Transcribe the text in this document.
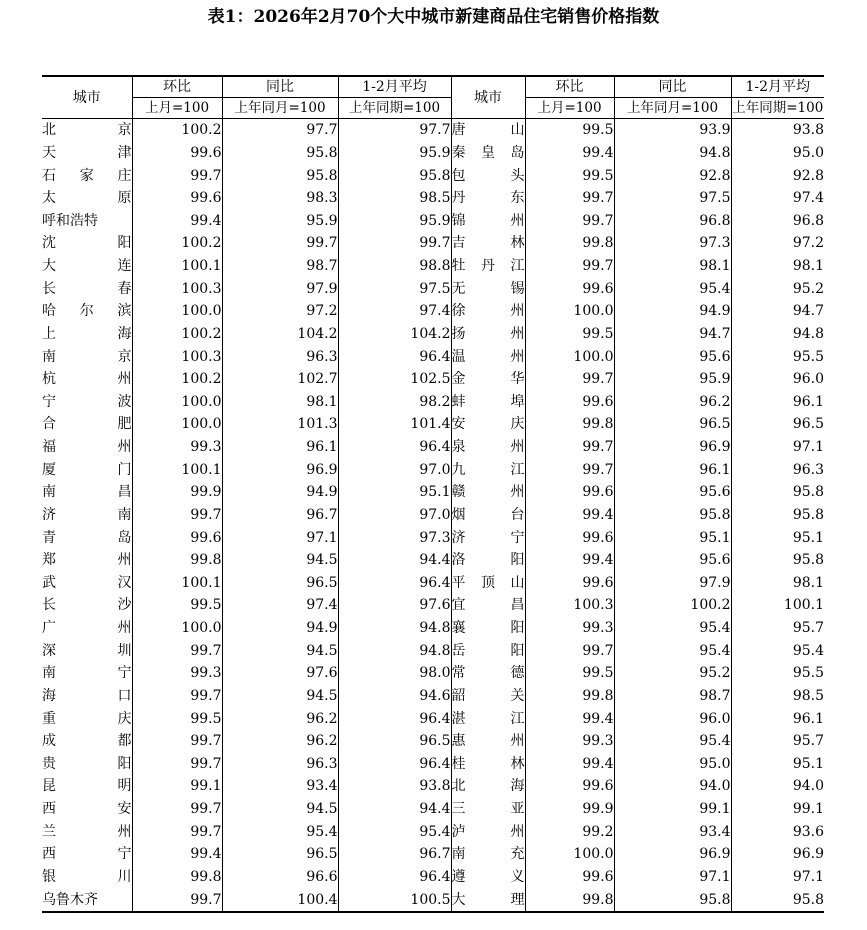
表1：2026年2月70个大中城市新建商品住宅销售价格指数
城市	环比	同比	1-2月平均	城市	环比	同比	1-2月平均
	上月=100	上年同月=100	上年同期=100		上月=100	上年同月=100	上年同期=100
北京	100.2	97.7	97.7	唐山	99.5	93.9	93.8
天津	99.6	95.8	95.9	秦皇岛	99.4	94.8	95.0
石家庄	99.7	95.8	95.8	包头	99.5	92.8	92.8
太原	99.6	98.3	98.5	丹东	99.7	97.5	97.4
呼和浩特	99.4	95.9	95.9	锦州	99.7	96.8	96.8
沈阳	100.2	99.7	99.7	吉林	99.8	97.3	97.2
大连	100.1	98.7	98.8	牡丹江	99.7	98.1	98.1
长春	100.3	97.9	97.5	无锡	99.6	95.4	95.2
哈尔滨	100.0	97.2	97.4	徐州	100.0	94.9	94.7
上海	100.2	104.2	104.2	扬州	99.5	94.7	94.8
南京	100.3	96.3	96.4	温州	100.0	95.6	95.5
杭州	100.2	102.7	102.5	金华	99.7	95.9	96.0
宁波	100.0	98.1	98.2	蚌埠	99.6	96.2	96.1
合肥	100.0	101.3	101.4	安庆	99.8	96.5	96.5
福州	99.3	96.1	96.4	泉州	99.7	96.9	97.1
厦门	100.1	96.9	97.0	九江	99.7	96.1	96.3
南昌	99.9	94.9	95.1	赣州	99.6	95.6	95.8
济南	99.7	96.7	97.0	烟台	99.4	95.8	95.8
青岛	99.6	97.1	97.3	济宁	99.6	95.1	95.1
郑州	99.8	94.5	94.4	洛阳	99.4	95.6	95.8
武汉	100.1	96.5	96.4	平顶山	99.6	97.9	98.1
长沙	99.5	97.4	97.6	宜昌	100.3	100.2	100.1
广州	100.0	94.9	94.8	襄阳	99.3	95.4	95.7
深圳	99.7	94.5	94.8	岳阳	99.7	95.4	95.4
南宁	99.3	97.6	98.0	常德	99.5	95.2	95.5
海口	99.7	94.5	94.6	韶关	99.8	98.7	98.5
重庆	99.5	96.2	96.4	湛江	99.4	96.0	96.1
成都	99.7	96.2	96.5	惠州	99.3	95.4	95.7
贵阳	99.7	96.3	96.4	桂林	99.4	95.0	95.1
昆明	99.1	93.4	93.8	北海	99.6	94.0	94.0
西安	99.7	94.5	94.4	三亚	99.9	99.1	99.1
兰州	99.7	95.4	95.4	泸州	99.2	93.4	93.6
西宁	99.4	96.5	96.7	南充	100.0	96.9	96.9
银川	99.8	96.6	96.4	遵义	99.6	97.1	97.1
乌鲁木齐	99.7	100.4	100.5	大理	99.8	95.8	95.8
